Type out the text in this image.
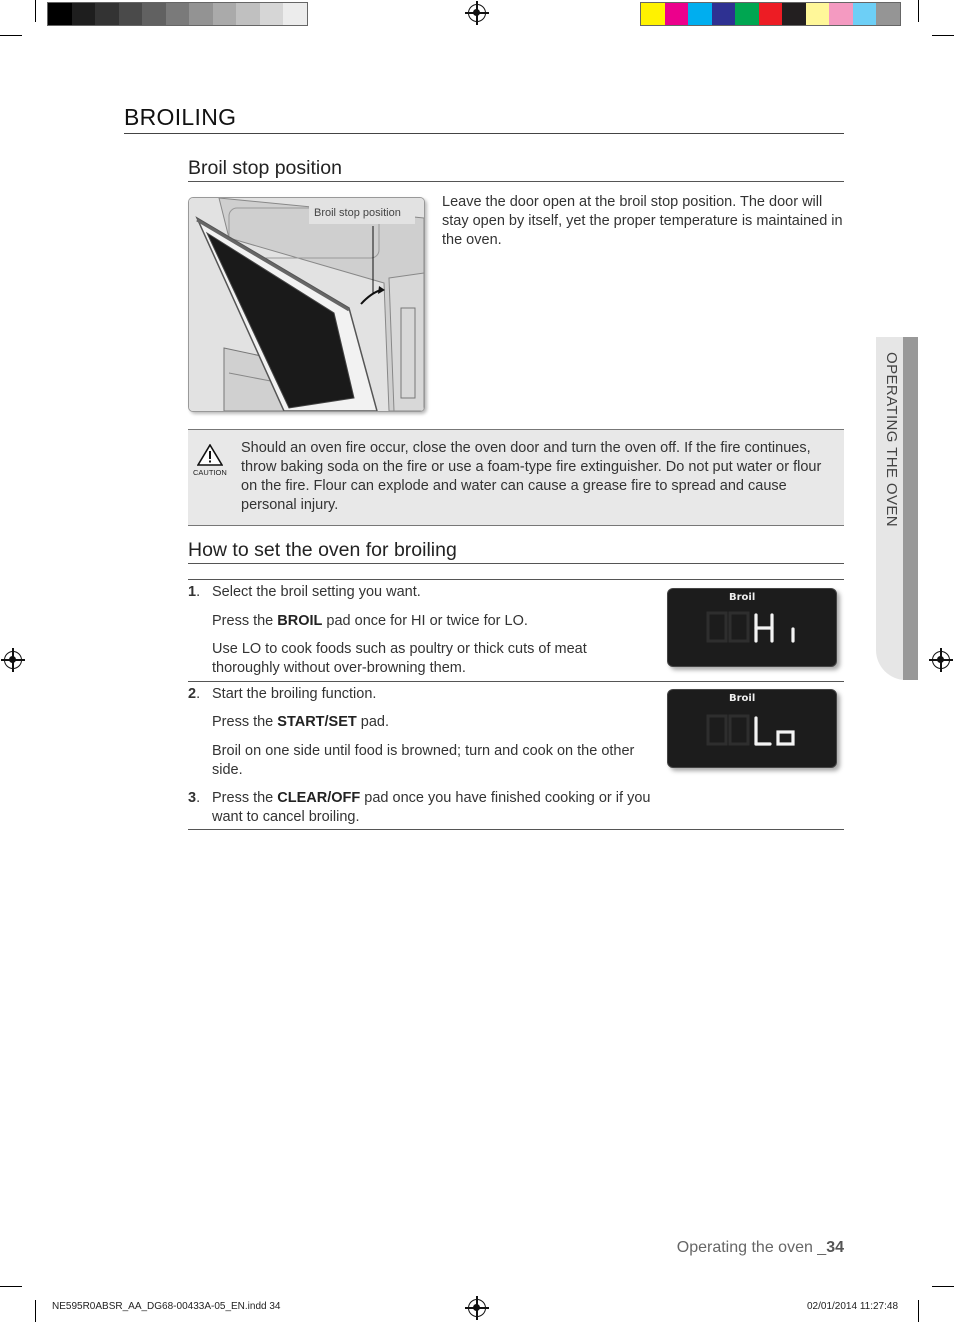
BROILING
Broil stop position
Broil stop position
Leave the door open at the broil stop position. The door will stay open by itself, yet the proper temperature is maintained in the oven.
CAUTION
Should an oven fire occur, close the oven door and turn the oven off. If the fire continues, throw baking soda on the fire or use a foam-type fire extinguisher. Do not put water or flour on the fire. Flour can explode and water can cause a grease fire to spread and cause personal injury.
How to set the oven for broiling
1. Select the broil setting you want.
Press the BROIL pad once for HI or twice for LO.
Use LO to cook foods such as poultry or thick cuts of meat thoroughly without over-browning them.
Broil
2. Start the broiling function.
Press the START/SET pad.
Broil on one side until food is browned; turn and cook on the other side.
Broil
3. Press the CLEAR/OFF pad once you have finished cooking or if you want to cancel broiling.
OPERATING THE OVEN
Operating the oven _34
NE595R0ABSR_AA_DG68-00433A-05_EN.indd 34	02/01/2014 11:27:48
